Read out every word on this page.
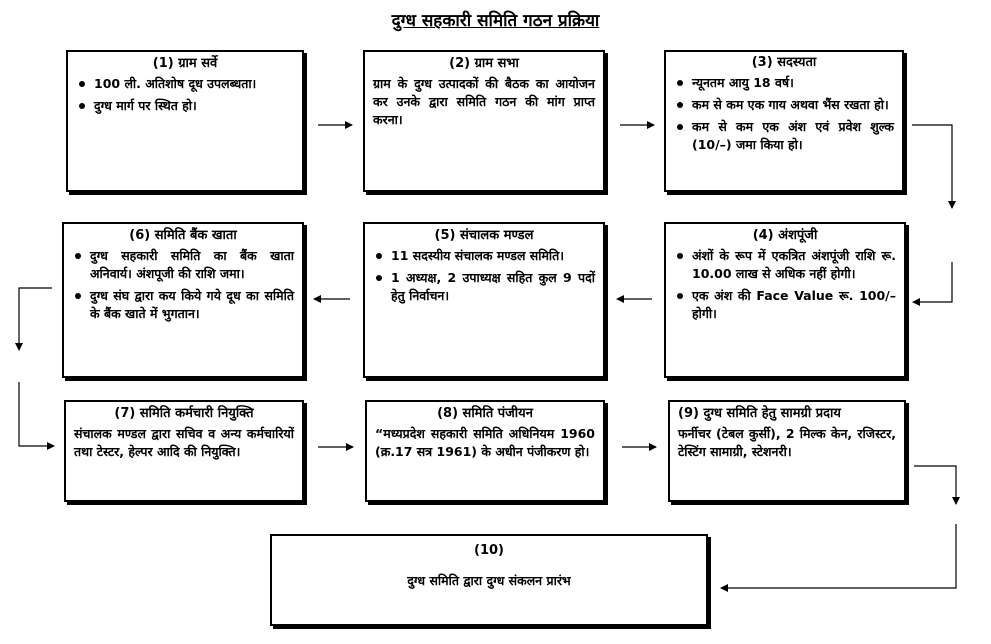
दुग्ध सहकारी समिति गठन प्रक्रिया
(1) ग्राम सर्वे
100 ली. अतिशोष दूध उपलब्धता।
दुग्ध मार्ग पर स्थित हो।
(2) ग्राम सभा

ग्राम के दुग्ध उत्पादकों की बैठक का आयोजन कर उनके द्वारा समिति गठन की मांग प्राप्त करना।

(3) सदस्यता
न्यूनतम आयु 18 वर्ष।
कम से कम एक गाय अथवा भैंस रखता हो।
कम से कम एक अंश एवं प्रवेश शुल्क (10/–) जमा किया हो।
(6) समिति बैंक खाता
दुग्ध सहकारी समिति का बैंक खाता अनिवार्य। अंशपूजी की राशि जमा।
दुग्ध संघ द्वारा कय किये गये दूध का समिति के बैंक खाते में भुगतान।
(5) संचालक मण्डल
11 सदस्यीय संचालक मण्डल समिति।
1 अध्यक्ष, 2 उपाध्यक्ष सहित कुल 9 पदों हेतु निर्वाचन।
(4) अंशपूंजी
अंशों के रूप में एकत्रित अंशपूंजी राशि रू. 10.00 लाख से अधिक नहीं होगी।
एक अंश की Face Value रू. 100/– होगी।
(7) समिति कर्मचारी नियुक्ति

संचालक मण्डल द्वारा सचिव व अन्य कर्मचारियों तथा टेस्टर, हेल्पर आदि की नियुक्ति।

(8) समिति पंजीयन

“मध्यप्रदेश सहकारी समिति अधिनियम 1960 (क्र.17 सत्र 1961) के अधीन पंजीकरण हो।

(9) दुग्ध समिति हेतु सामग्री प्रदाय

फर्नीचर (टेबल कुर्सी), 2 मिल्क केन, रजिस्टर, टेस्टिंग सामाग्री, स्टेशनरी।

(10)

दुग्ध समिति द्वारा दुग्ध संकलन प्रारंभ
